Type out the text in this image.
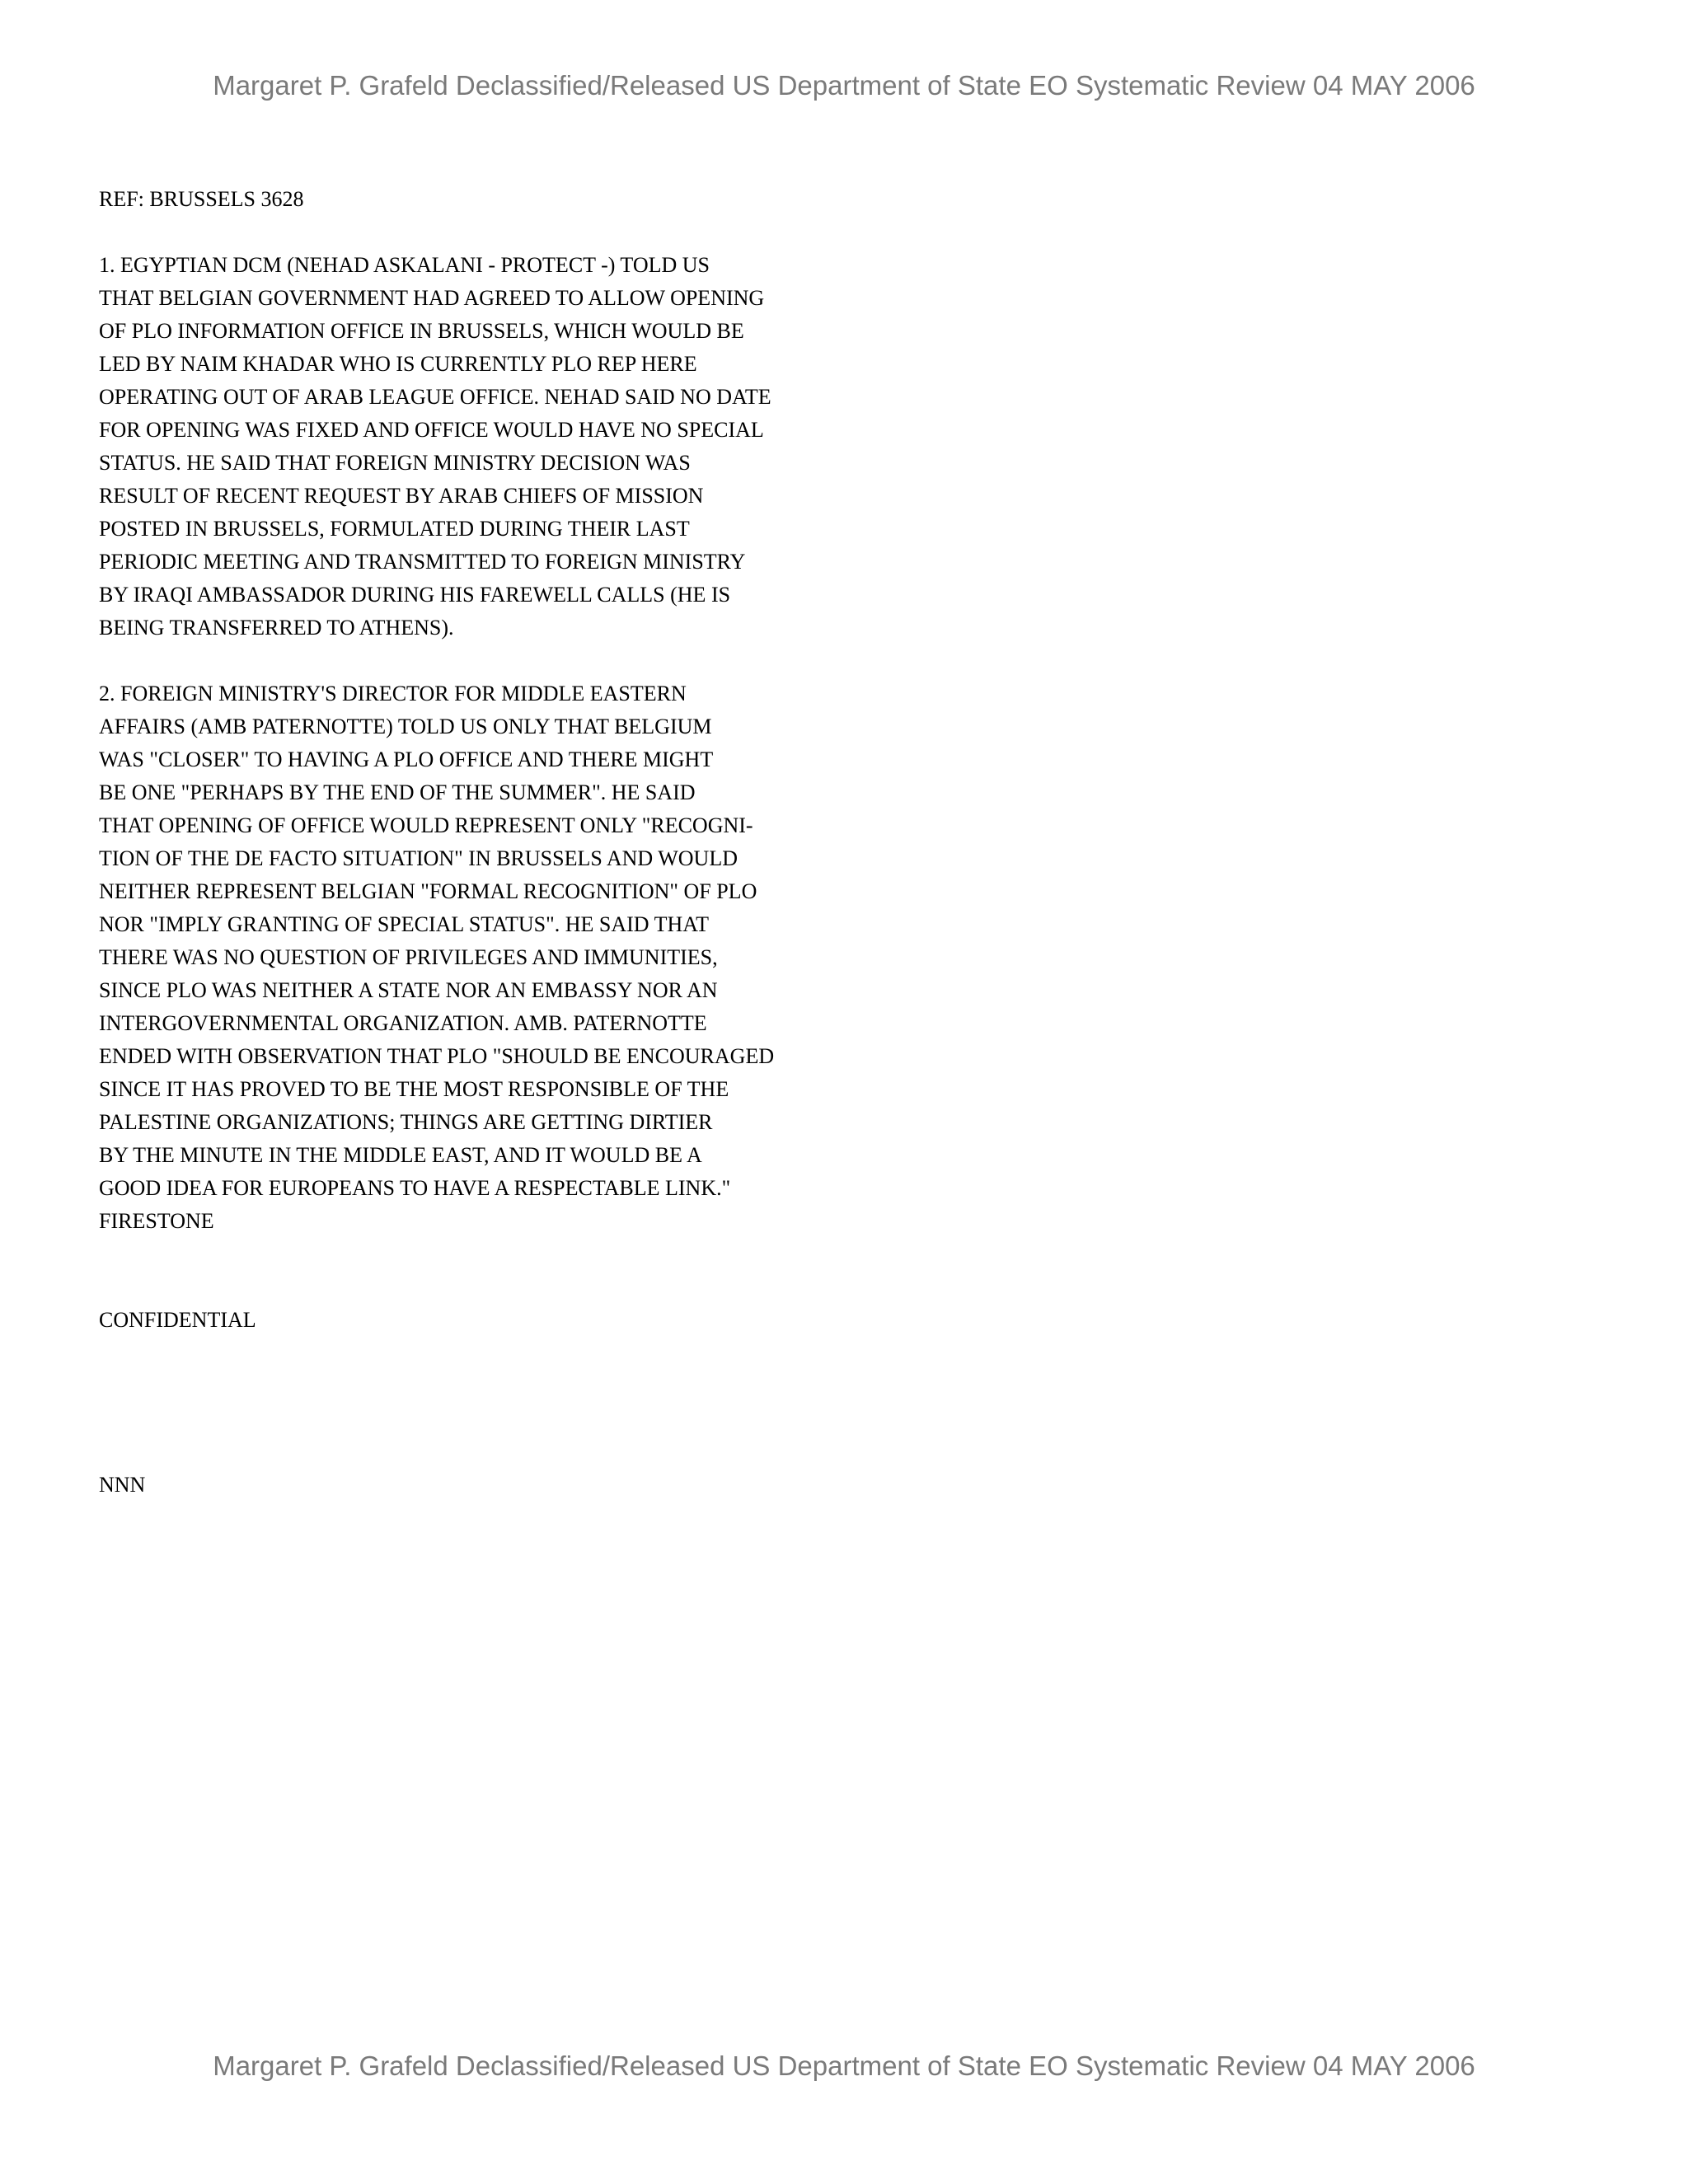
Margaret P. Grafeld Declassified/Released US Department of State EO Systematic Review 04 MAY 2006
REF: BRUSSELS 3628
1. EGYPTIAN DCM (NEHAD ASKALANI - PROTECT -) TOLD US
THAT BELGIAN GOVERNMENT HAD AGREED TO ALLOW OPENING
OF PLO INFORMATION OFFICE IN BRUSSELS, WHICH WOULD BE
LED BY NAIM KHADAR WHO IS CURRENTLY PLO REP HERE
OPERATING OUT OF ARAB LEAGUE OFFICE. NEHAD SAID NO DATE
FOR OPENING WAS FIXED AND OFFICE WOULD HAVE NO SPECIAL
STATUS. HE SAID THAT FOREIGN MINISTRY DECISION WAS
RESULT OF RECENT REQUEST BY ARAB CHIEFS OF MISSION
POSTED IN BRUSSELS, FORMULATED DURING THEIR LAST
PERIODIC MEETING AND TRANSMITTED TO FOREIGN MINISTRY
BY IRAQI AMBASSADOR DURING HIS FAREWELL CALLS (HE IS
BEING TRANSFERRED TO ATHENS).
2. FOREIGN MINISTRY'S DIRECTOR FOR MIDDLE EASTERN
AFFAIRS (AMB PATERNOTTE) TOLD US ONLY THAT BELGIUM
WAS "CLOSER" TO HAVING A PLO OFFICE AND THERE MIGHT
BE ONE "PERHAPS BY THE END OF THE SUMMER". HE SAID
THAT OPENING OF OFFICE WOULD REPRESENT ONLY "RECOGNI-
TION OF THE DE FACTO SITUATION" IN BRUSSELS AND WOULD
NEITHER REPRESENT BELGIAN "FORMAL RECOGNITION" OF PLO
NOR "IMPLY GRANTING OF SPECIAL STATUS". HE SAID THAT
THERE WAS NO QUESTION OF PRIVILEGES AND IMMUNITIES,
SINCE PLO WAS NEITHER A STATE NOR AN EMBASSY NOR AN
INTERGOVERNMENTAL ORGANIZATION. AMB. PATERNOTTE
ENDED WITH OBSERVATION THAT PLO "SHOULD BE ENCOURAGED
SINCE IT HAS PROVED TO BE THE MOST RESPONSIBLE OF THE
PALESTINE ORGANIZATIONS; THINGS ARE GETTING DIRTIER
BY THE MINUTE IN THE MIDDLE EAST, AND IT WOULD BE A
GOOD IDEA FOR EUROPEANS TO HAVE A RESPECTABLE LINK."
FIRESTONE
CONFIDENTIAL
NNN
Margaret P. Grafeld Declassified/Released US Department of State EO Systematic Review 04 MAY 2006
